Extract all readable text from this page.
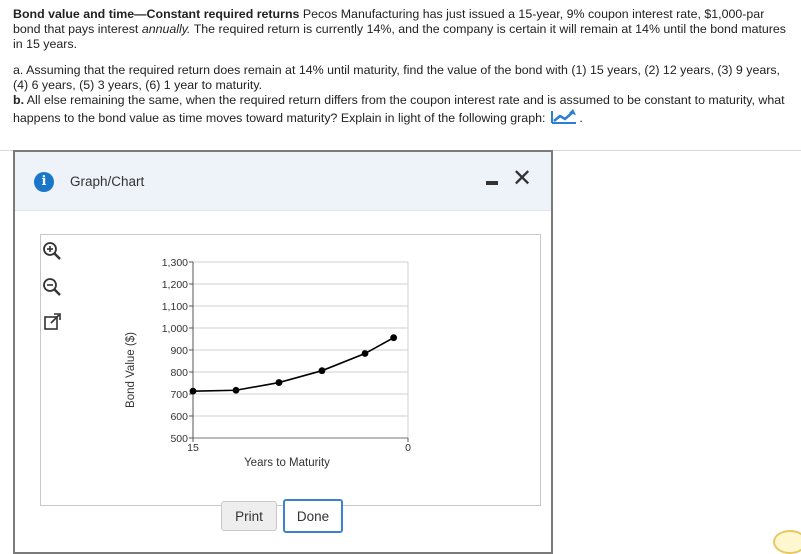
Bond value and time—Constant required returns Pecos Manufacturing has just issued a 15-year, 9% coupon interest rate, $1,000-par bond that pays interest annually. The required return is currently 14%, and the company is certain it will remain at 14% until the bond matures in 15 years.

a. Assuming that the required return does remain at 14% until maturity, find the value of the bond with (1) 15 years, (2) 12 years, (3) 9 years, (4) 6 years, (5) 3 years, (6) 1 year to maturity.

b. All else remaining the same, when the required return differs from the coupon interest rate and is assumed to be constant to maturity, what happens to the bond value as time moves toward maturity? Explain in light of the following graph:	.

i	Graph/Chart	✕
500
600
700
800
900
1,000
1,100
1,200
1,300
15	0
Bond Value ($)
Years to Maturity
Print	Done
